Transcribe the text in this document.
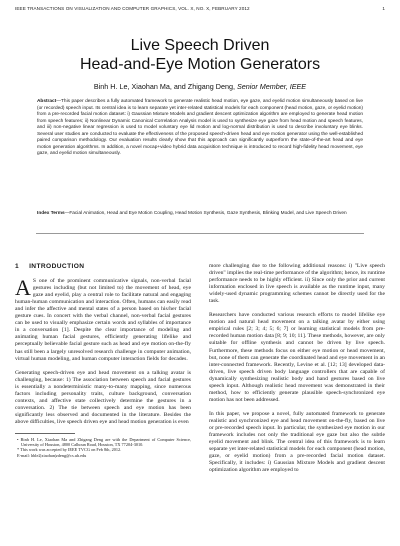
IEEE TRANSACTIONS ON VISUALIZATION AND COMPUTER GRAPHICS, VOL. X, NO. X, FEBRUARY 2012	1
Live Speech Driven
Head-and-Eye Motion Generators
Binh H. Le, Xiaohan Ma, and Zhigang Deng, Senior Member, IEEE
Abstract—This paper describes a fully automated framework to generate realistic head motion, eye gaze, and eyelid motion simultaneously based on live (or recorded) speech input. Its central idea is to learn separate yet inter-related statistical models for each component (head motion, gaze, or eyelid motion) from a pre-recorded facial motion dataset: i) Gaussian Mixture Models and gradient descent optimization algorithm are employed to generate head motion from speech features; ii) Nonlinear Dynamic Canonical Correlation Analysis model is used to synthesize eye gaze from head motion and speech features, and iii) non-negative linear regression is used to model voluntary eye lid motion and log-normal distribution is used to describe involuntary eye blinks. Several user studies are conducted to evaluate the effectiveness of the proposed speech-driven head and eye motion generator using the well-established paired comparison methodology. Our evaluation results clearly show that this approach can significantly outperform the state-of-the-art head and eye motion generation algorithms. In addition, a novel mocap+video hybrid data acquisition technique is introduced to record high-fidelity head movement, eye gaze, and eyelid motion simultaneously.
Index Terms—Facial Animation, Head and Eye Motion Coupling, Head Motion Synthesis, Gaze Synthesis, Blinking Model, and Live Speech Driven
1 INTRODUCTION

A S one of the prominent communicative signals, non-verbal facial gestures including (but not limited to) the movement of head, eye gaze and eyelid, play a central role to facilitate natural and engaging human-human communication and interaction. Often, humans can easily read and infer the affective and mental states of a person based on his/her facial gesture cues. In concert with the verbal channel, non-verbal facial gestures can be used to visually emphasize certain words and syllables of importance in a conversation [1]. Despite the clear importance of modeling and animating human facial gestures, efficiently generating lifelike and perceptually believable facial gesture such as head and eye motion on-the-fly has still been a largely unresolved research challenge in computer animation, virtual human modeling, and human computer interaction fields for decades.

Generating speech-driven eye and head movement on a talking avatar is challenging, because: 1) The association between speech and facial gestures is essentially a nondeterministic many-to-many mapping, since numerous factors including personality traits, culture background, conversation contexts, and affective state collectively determine the gestures in a conversation. 2) The tie between speech and eye motion has been significantly less observed and documented in the literature. Besides the above difficulties, live speech driven eye and head motion generation is even

• Binh H. Le, Xiaohan Ma and Zhigang Deng are with the Department of Computer Science, University of Houston, 4800 Calhoun Road, Houston, TX 77204-3010.
* This work was accepted by IEEE TVCG on Feb 8th, 2012.
E-mail: hble2|xiaohan|zdeng@cs.uh.edu

more challenging due to the following additional reasons: i) "Live speech driven" implies the real-time performance of the algorithm; hence, its runtime performance needs to be highly efficient. ii) Since only the prior and current information enclosed in live speech is available as the runtime input, many widely-used dynamic programming schemes cannot be directly used for the task.

Researchers have conducted various research efforts to model lifelike eye motion and natural head movement on a talking avatar by either using empirical rules [2; 3; 4; 5; 6; 7] or learning statistical models from pre-recorded human motion data [8; 9; 10; 11]. These methods, however, are only suitable for offline synthesis and cannot be driven by live speech. Furthermore, these methods focus on either eye motion or head movement, but, none of them can generate the coordinated head and eye movement in an inter-connected framework. Recently, Levine et al. [12; 13] developed data-driven, live speech driven body language controllers that are capable of dynamically synthesizing realistic body and hand gestures based on live speech input. Although realistic head movement was demonstrated in their method, how to efficiently generate plausible speech-synchronized eye motion has not been addressed.

In this paper, we propose a novel, fully automated framework to generate realistic and synchronized eye and head movement on-the-fly, based on live or pre-recorded speech input. In particular, the synthesized eye motion in our framework includes not only the traditional eye gaze but also the subtle eyelid movement and blink. The central idea of this framework is to learn separate yet inter-related statistical models for each component (head motion, gaze, or eyelid motion) from a pre-recorded facial motion dataset. Specifically, it includes: i) Gaussian Mixture Models and gradient descent optimization algorithm are employed to
